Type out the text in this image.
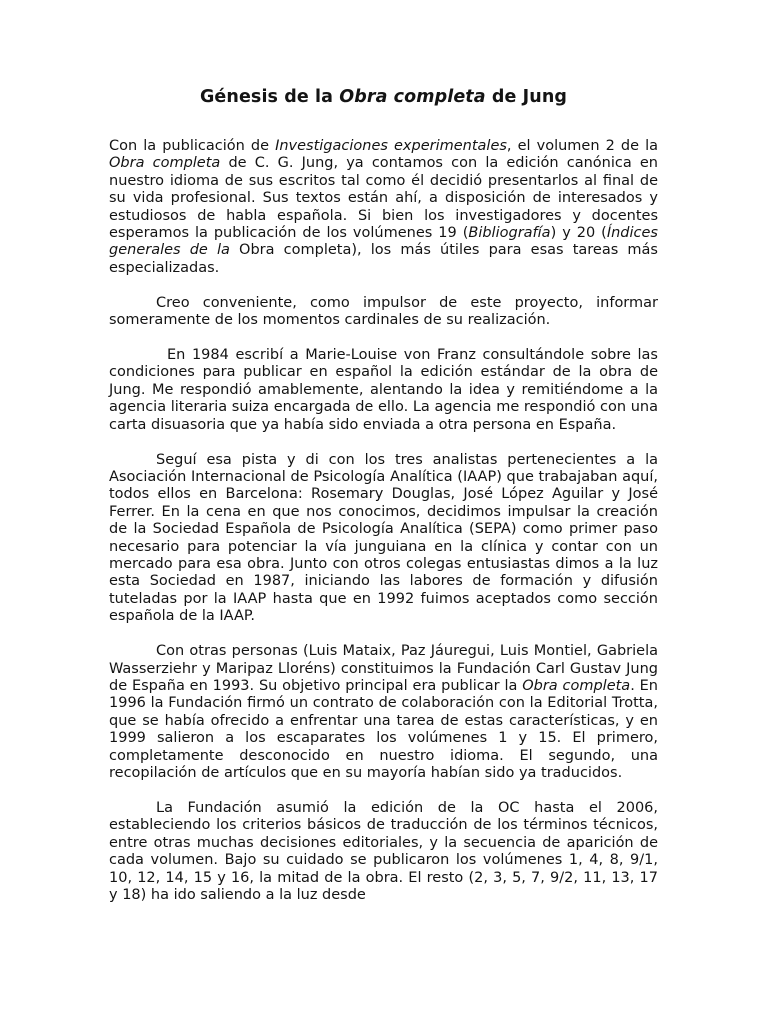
Génesis de la Obra completa de Jung

Con la publicación de Investigaciones experimentales, el volumen 2 de la Obra completa de C. G. Jung, ya contamos con la edición canónica en nuestro idioma de sus escritos tal como él decidió presentarlos al final de su vida profesional. Sus textos están ahí, a disposición de interesados y estudiosos de habla española. Si bien los investigadores y docentes esperamos la publicación de los volúmenes 19 (Bibliografía) y 20 (Índices generales de la Obra completa), los más útiles para esas tareas más especializadas.

Creo conveniente, como impulsor de este proyecto, informar someramente de los momentos cardinales de su realización.

En 1984 escribí a Marie-Louise von Franz consultándole sobre las condiciones para publicar en español la edición estándar de la obra de Jung. Me respondió amablemente, alentando la idea y remitiéndome a la agencia literaria suiza encargada de ello. La agencia me respondió con una carta disuasoria que ya había sido enviada a otra persona en España.

Seguí esa pista y di con los tres analistas pertenecientes a la Asociación Internacional de Psicología Analítica (IAAP) que trabajaban aquí, todos ellos en Barcelona: Rosemary Douglas, José López Aguilar y José Ferrer. En la cena en que nos conocimos, decidimos impulsar la creación de la Sociedad Española de Psicología Analítica (SEPA) como primer paso necesario para potenciar la vía junguiana en la clínica y contar con un mercado para esa obra. Junto con otros colegas entusiastas dimos a la luz esta Sociedad en 1987, iniciando las labores de formación y difusión tuteladas por la IAAP hasta que en 1992 fuimos aceptados como sección española de la IAAP.

Con otras personas (Luis Mataix, Paz Jáuregui, Luis Montiel, Gabriela Wasserziehr y Maripaz Lloréns) constituimos la Fundación Carl Gustav Jung de España en 1993. Su objetivo principal era publicar la Obra completa. En 1996 la Fundación firmó un contrato de colaboración con la Editorial Trotta, que se había ofrecido a enfrentar una tarea de estas características, y en 1999 salieron a los escaparates los volúmenes 1 y 15. El primero, completamente desconocido en nuestro idioma. El segundo, una recopilación de artículos que en su mayoría habían sido ya traducidos.

La Fundación asumió la edición de la OC hasta el 2006, estableciendo los criterios básicos de traducción de los términos técnicos, entre otras muchas decisiones editoriales, y la secuencia de aparición de cada volumen. Bajo su cuidado se publicaron los volúmenes 1, 4, 8, 9/1, 10, 12, 14, 15 y 16, la mitad de la obra. El resto (2, 3, 5, 7, 9/2, 11, 13, 17 y 18) ha ido saliendo a la luz desde
